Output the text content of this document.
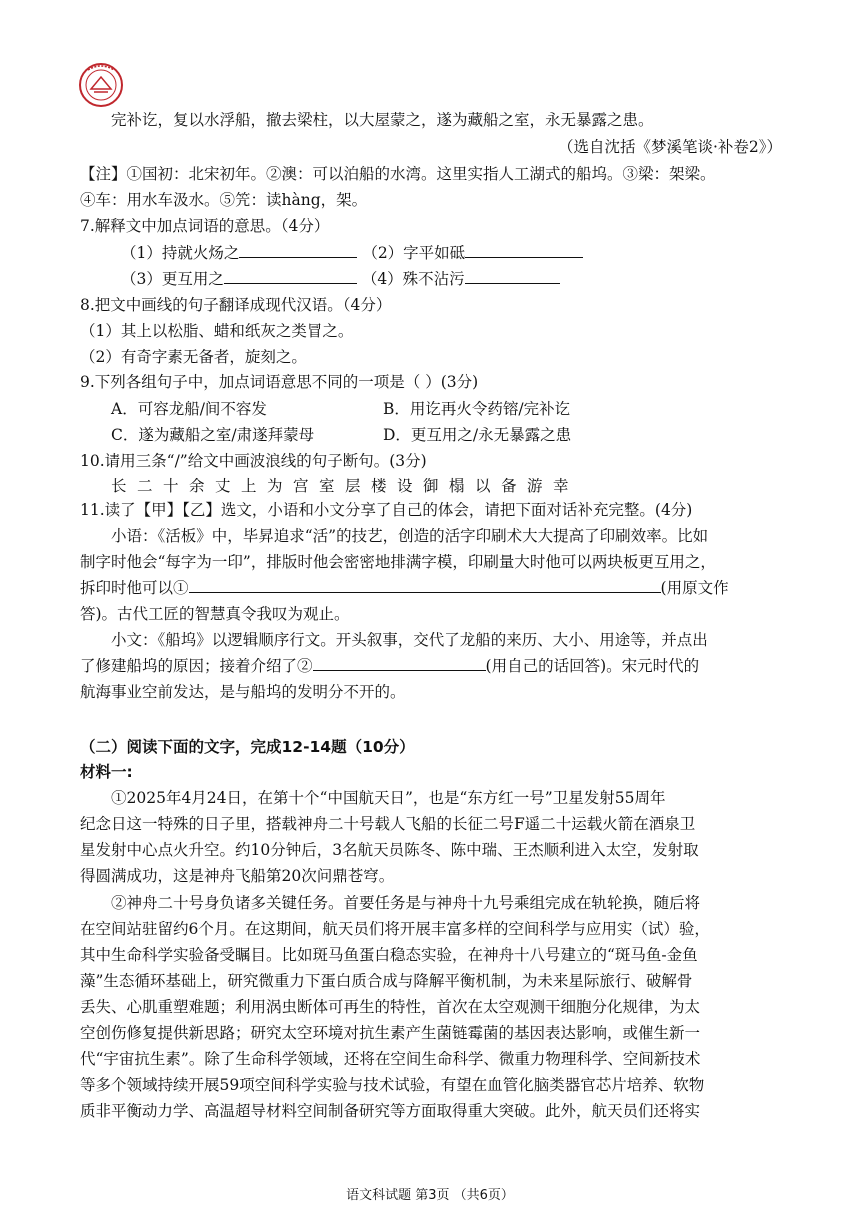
完补讫，复以水浮船，撤去梁柱，以大屋蒙之，遂为藏船之室，永无暴露之患。
（选自沈括《梦溪笔谈·补卷2》）
【注】①国初：北宋初年。②澳：可以泊船的水湾。这里实指人工湖式的船坞。③梁：架梁。
④车：用水车汲水。⑤笐：读hàng，架。
7.解释文中加点词语的意思。（4分）
（1）持就火炀之	（2）字平如砥
（3）更互用之	（4）殊不沾污
8.把文中画线的句子翻译成现代汉语。（4分）
（1）其上以松脂、蜡和纸灰之类冒之。
（2）有奇字素无备者，旋刻之。
9.下列各组句子中，加点词语意思不同的一项是（ ）(3分)
A．可容龙船/间不容发	B．用讫再火令药镕/完补讫
C．遂为藏船之室/肃遂拜蒙母	D．更互用之/永无暴露之患
10.请用三条“/”给文中画波浪线的句子断句。(3分)
长二十余丈上为宫室层楼设御榻以备游幸
11.读了【甲】【乙】选文，小语和小文分享了自己的体会，请把下面对话补充完整。(4分)
小语：《活板》中，毕昇追求“活”的技艺，创造的活字印刷术大大提高了印刷效率。比如
制字时他会“每字为一印”，排版时他会密密地排满字模，印刷量大时他可以两块板更互用之，
拆印时他可以①	(用原文作
答)。古代工匠的智慧真令我叹为观止。
小文：《船坞》以逻辑顺序行文。开头叙事，交代了龙船的来历、大小、用途等，并点出
了修建船坞的原因；接着介绍了②	(用自己的话回答)。宋元时代的
航海事业空前发达，是与船坞的发明分不开的。
（二）阅读下面的文字，完成12-14题（10分）
材料一:
①2025年4月24日，在第十个“中国航天日”，也是“东方红一号”卫星发射55周年
纪念日这一特殊的日子里，搭载神舟二十号载人飞船的长征二号F遥二十运载火箭在酒泉卫
星发射中心点火升空。约10分钟后，3名航天员陈冬、陈中瑞、王杰顺利进入太空，发射取
得圆满成功，这是神舟飞船第20次问鼎苍穹。
②神舟二十号身负诸多关键任务。首要任务是与神舟十九号乘组完成在轨轮换，随后将
在空间站驻留约6个月。在这期间，航天员们将开展丰富多样的空间科学与应用实（试）验，
其中生命科学实验备受瞩目。比如斑马鱼蛋白稳态实验，在神舟十八号建立的“斑马鱼-金鱼
藻”生态循环基础上，研究微重力下蛋白质合成与降解平衡机制，为未来星际旅行、破解骨
丢失、心肌重塑难题；利用涡虫断体可再生的特性，首次在太空观测干细胞分化规律，为太
空创伤修复提供新思路；研究太空环境对抗生素产生菌链霉菌的基因表达影响，或催生新一
代“宇宙抗生素”。除了生命科学领域，还将在空间生命科学、微重力物理科学、空间新技术
等多个领域持续开展59项空间科学实验与技术试验，有望在血管化脑类器官芯片培养、软物
质非平衡动力学、高温超导材料空间制备研究等方面取得重大突破。此外，航天员们还将实
语文科试题 第3页 （共6页）
